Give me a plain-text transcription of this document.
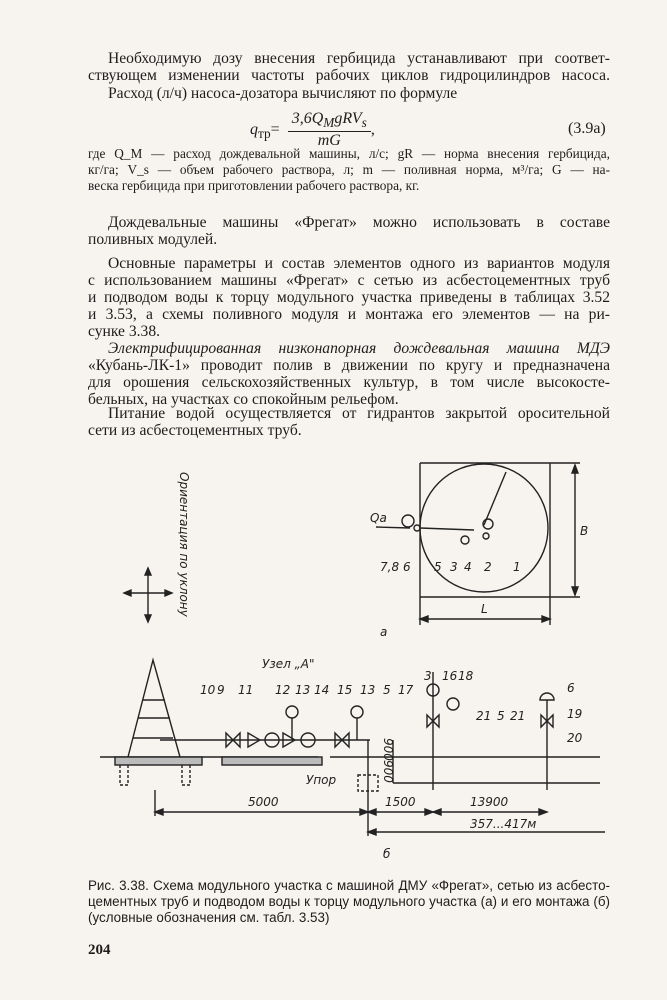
Необходимую дозу внесения гербицида устанавливают при соответ-
ствующем изменении частоты рабочих циклов гидроцилиндров насоса.
Расход (л/ч) насоса-дозатора вычисляют по формуле
$q_{тр}= \frac{3,6Q_MgRV_s}{mG}$ ,	(3.9а)
где Q_M — расход дождевальной машины, л/с; gR — норма внесения гербицида,
кг/га; V_s — объем рабочего раствора, л; m — поливная норма, м³/га; G — на-
веска гербицида при приготовлении рабочего раствора, кг.
Дождевальные машины «Фрегат» можно использовать в составе
поливных модулей.
Основные параметры и состав элементов одного из вариантов модуля
с использованием машины «Фрегат» с сетью из асбестоцементных труб
и подводом воды к торцу модульного участка приведены в таблицах 3.52
и 3.53, а схемы поливного модуля и монтажа его элементов — на ри-
сунке 3.38.
Электрифицированная низконапорная дождевальная машина МДЭ
«Кубань-ЛК-1» проводит полив в движении по кругу и предназначена
для орошения сельскохозяйственных культур, в том числе высокосте-
бельных, на участках со спокойным рельефом.
Питание водой осуществляется от гидрантов закрытой оросительной
сети из асбестоцементных труб.
Ориентация по уклону	В
L
Qа
7,8 6 5 3 4 2 1
а
Узел „А"
900
900
Упор
10 9 11 12 13 14 15 13 5 17
3 16 18
6
19
20
21 5 21
5000	1500	13900
357...417м
б
Рис. 3.38. Схема модульного участка с машиной ДМУ «Фрегат», сетью из асбесто-
цементных труб и подводом воды к торцу модульного участка (а) и его монтажа (б)
(условные обозначения см. табл. 3.53)
204
